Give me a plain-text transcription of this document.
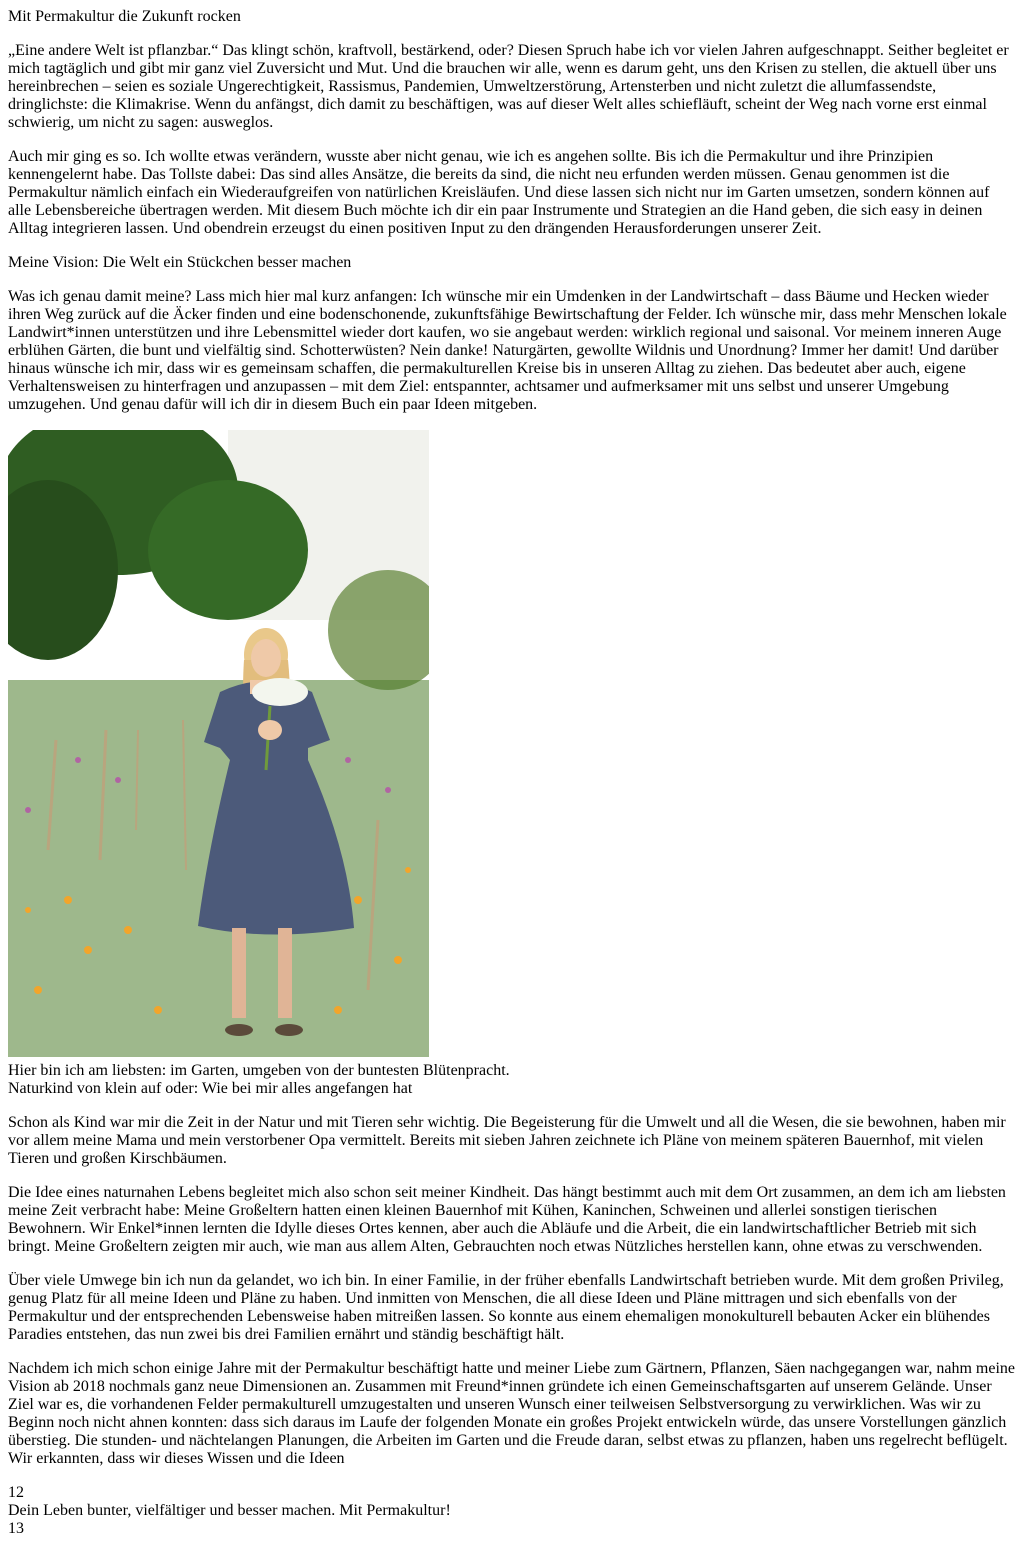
Mit Permakultur die Zukunft rocken

„Eine andere Welt ist pflanzbar.“ Das klingt schön, kraftvoll, bestärkend, oder? Diesen Spruch habe ich vor vielen Jahren aufgeschnappt. Seither begleitet er mich tagtäglich und gibt mir ganz viel Zuversicht und Mut. Und die brauchen wir alle, wenn es darum geht, uns den Krisen zu stellen, die aktuell über uns hereinbrechen – seien es soziale Ungerechtigkeit, Rassismus, Pandemien, Umweltzerstörung, Artensterben und nicht zuletzt die allumfassendste, dringlichste: die Klimakrise. Wenn du anfängst, dich damit zu beschäftigen, was auf dieser Welt alles schiefläuft, scheint der Weg nach vorne erst einmal schwierig, um nicht zu sagen: ausweglos.

Auch mir ging es so. Ich wollte etwas verändern, wusste aber nicht genau, wie ich es angehen sollte. Bis ich die Permakultur und ihre Prinzipien kennengelernt habe. Das Tollste dabei: Das sind alles Ansätze, die bereits da sind, die nicht neu erfunden werden müssen. Genau genommen ist die Permakultur nämlich einfach ein Wiederaufgreifen von natürlichen Kreisläufen. Und diese lassen sich nicht nur im Garten umsetzen, sondern können auf alle Lebensbereiche übertragen werden. Mit diesem Buch möchte ich dir ein paar Instrumente und Strategien an die Hand geben, die sich easy in deinen Alltag integrieren lassen. Und obendrein erzeugst du einen positiven Input zu den drängenden Herausforderungen unserer Zeit.

Meine Vision: Die Welt ein Stückchen besser machen

Was ich genau damit meine? Lass mich hier mal kurz anfangen: Ich wünsche mir ein Umdenken in der Landwirtschaft – dass Bäume und Hecken wieder ihren Weg zurück auf die Äcker finden und eine bodenschonende, zukunftsfähige Bewirtschaftung der Felder. Ich wünsche mir, dass mehr Menschen lokale Landwirt*innen unterstützen und ihre Lebensmittel wieder dort kaufen, wo sie angebaut werden: wirklich regional und saisonal. Vor meinem inneren Auge erblühen Gärten, die bunt und vielfältig sind. Schotterwüsten? Nein danke! Naturgärten, gewollte Wildnis und Unordnung? Immer her damit! Und darüber hinaus wünsche ich mir, dass wir es gemeinsam schaffen, die permakulturellen Kreise bis in unseren Alltag zu ziehen. Das bedeutet aber auch, eigene Verhaltensweisen zu hinterfragen und anzupassen – mit dem Ziel: entspannter, achtsamer und aufmerksamer mit uns selbst und unserer Umgebung umzugehen. Und genau dafür will ich dir in diesem Buch ein paar Ideen mitgeben.

Hier bin ich am liebsten: im Garten, umgeben von der buntesten Blütenpracht.
Naturkind von klein auf oder: Wie bei mir alles angefangen hat

Schon als Kind war mir die Zeit in der Natur und mit Tieren sehr wichtig. Die Begeisterung für die Umwelt und all die Wesen, die sie bewohnen, haben mir vor allem meine Mama und mein verstorbener Opa vermittelt. Bereits mit sieben Jahren zeichnete ich Pläne von meinem späteren Bauernhof, mit vielen Tieren und großen Kirschbäumen.

Die Idee eines naturnahen Lebens begleitet mich also schon seit meiner Kindheit. Das hängt bestimmt auch mit dem Ort zusammen, an dem ich am liebsten meine Zeit verbracht habe: Meine Großeltern hatten einen kleinen Bauernhof mit Kühen, Kaninchen, Schweinen und allerlei sonstigen tierischen Bewohnern. Wir Enkel*innen lernten die Idylle dieses Ortes kennen, aber auch die Abläufe und die Arbeit, die ein landwirtschaftlicher Betrieb mit sich bringt. Meine Großeltern zeigten mir auch, wie man aus allem Alten, Gebrauchten noch etwas Nützliches herstellen kann, ohne etwas zu verschwenden.

Über viele Umwege bin ich nun da gelandet, wo ich bin. In einer Familie, in der früher ebenfalls Landwirtschaft betrieben wurde. Mit dem großen Privileg, genug Platz für all meine Ideen und Pläne zu haben. Und inmitten von Menschen, die all diese Ideen und Pläne mittragen und sich ebenfalls von der Permakultur und der entsprechenden Lebensweise haben mitreißen lassen. So konnte aus einem ehemaligen monokulturell bebauten Acker ein blühendes Paradies entstehen, das nun zwei bis drei Familien ernährt und ständig beschäftigt hält.

Nachdem ich mich schon einige Jahre mit der Permakultur beschäftigt hatte und meiner Liebe zum Gärtnern, Pflanzen, Säen nachgegangen war, nahm meine Vision ab 2018 nochmals ganz neue Dimensionen an. Zusammen mit Freund*innen gründete ich einen Gemeinschaftsgarten auf unserem Gelände. Unser Ziel war es, die vorhandenen Felder permakulturell umzugestalten und unseren Wunsch einer teilweisen Selbstversorgung zu verwirklichen. Was wir zu Beginn noch nicht ahnen konnten: dass sich daraus im Laufe der folgenden Monate ein großes Projekt entwickeln würde, das unsere Vorstellungen gänzlich überstieg. Die stunden- und nächtelangen Planungen, die Arbeiten im Garten und die Freude daran, selbst etwas zu pflanzen, haben uns regelrecht beflügelt. Wir erkannten, dass wir dieses Wissen und die Ideen

12
Dein Leben bunter, vielfältiger und besser machen. Mit Permakultur!
13
